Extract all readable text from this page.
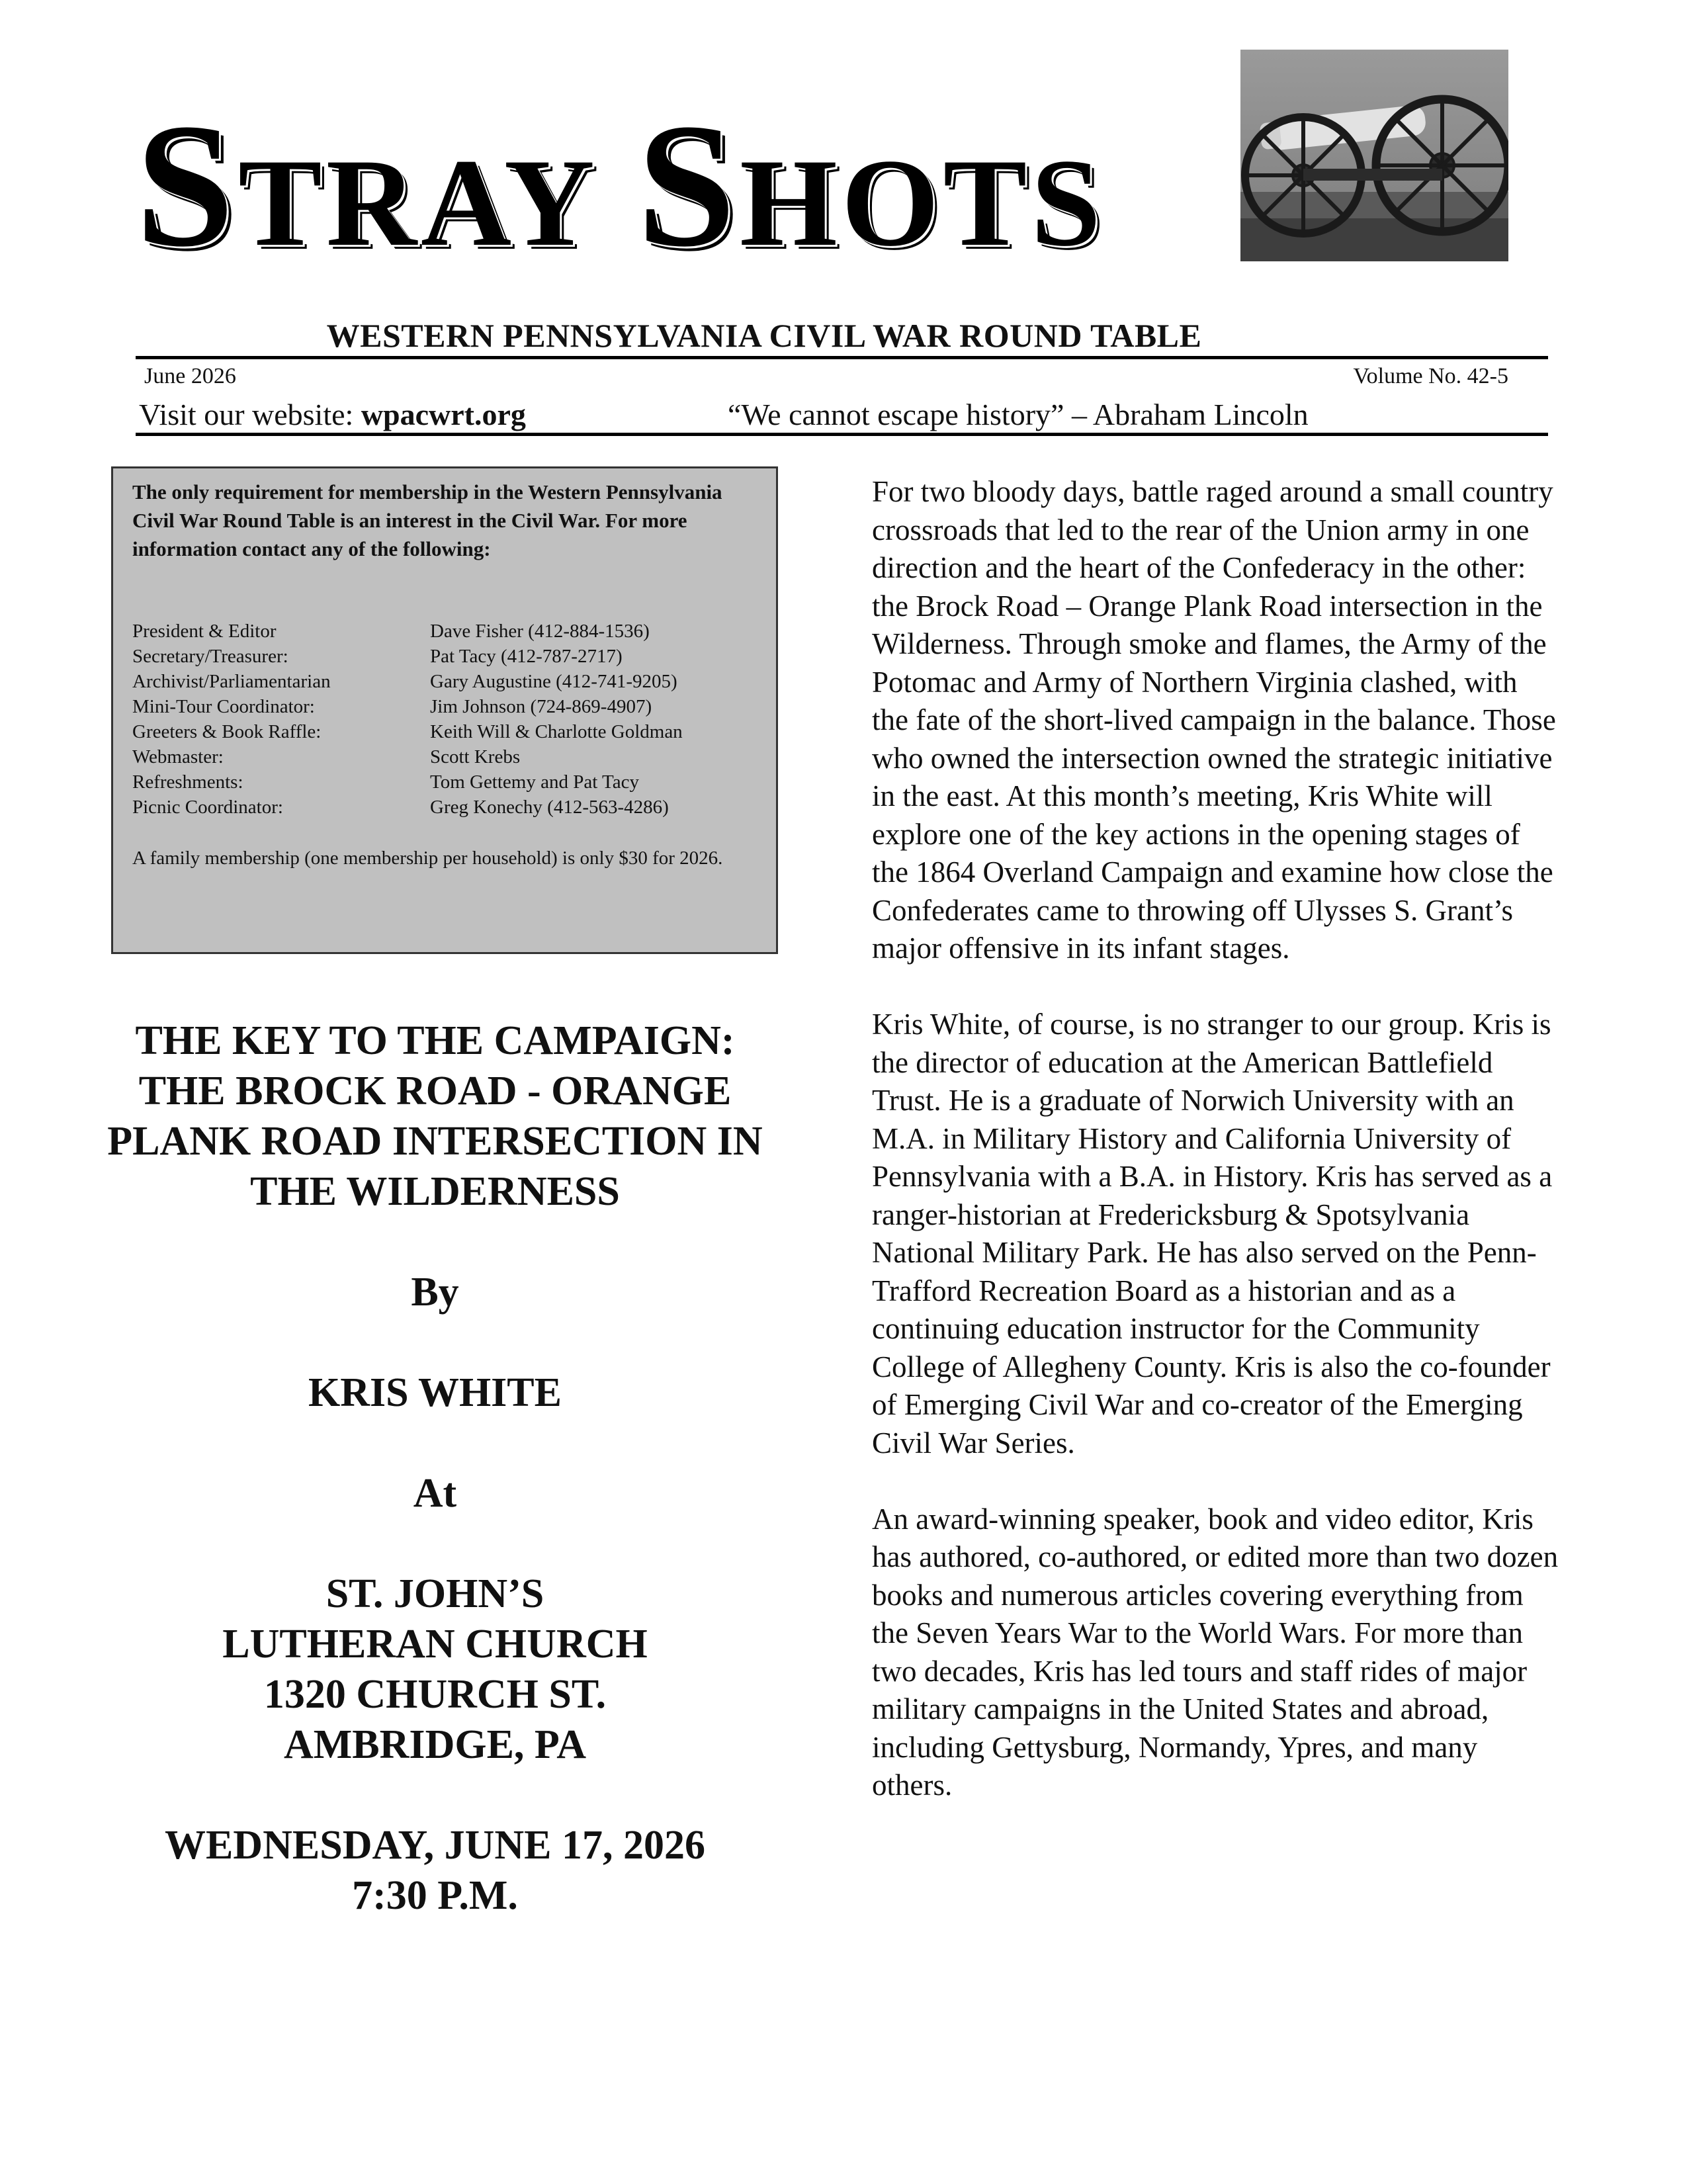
STRAY SHOTS
WESTERN PENNSYLVANIA CIVIL WAR ROUND TABLE
June 2026	Volume No. 42-5
Visit our website: wpacwrt.org	“We cannot escape history” – Abraham Lincoln
The only requirement for membership in the Western Pennsylvania Civil War Round Table is an interest in the Civil War. For more information contact any of the following:
President & Editor	Dave Fisher (412-884-1536)
Secretary/Treasurer:	Pat Tacy (412-787-2717)
Archivist/Parliamentarian	Gary Augustine (412-741-9205)
Mini-Tour Coordinator:	Jim Johnson (724-869-4907)
Greeters & Book Raffle:	Keith Will & Charlotte Goldman
Webmaster:	Scott Krebs
Refreshments:	Tom Gettemy and Pat Tacy
Picnic Coordinator:	Greg Konechy (412-563-4286)
A family membership (one membership per household) is only $30 for 2026.

THE KEY TO THE CAMPAIGN: THE BROCK ROAD - ORANGE PLANK ROAD INTERSECTION IN THE WILDERNESS

By

KRIS WHITE

At

ST. JOHN’S

LUTHERAN CHURCH

1320 CHURCH ST.

AMBRIDGE, PA

WEDNESDAY, JUNE 17, 2026

7:30 P.M.

For two bloody days, battle raged around a small country crossroads that led to the rear of the Union army in one direction and the heart of the Confederacy in the other: the Brock Road – Orange Plank Road intersection in the Wilderness. Through smoke and flames, the Army of the Potomac and Army of Northern Virginia clashed, with the fate of the short-lived campaign in the balance. Those who owned the intersection owned the strategic initiative in the east. At this month’s meeting, Kris White will explore one of the key actions in the opening stages of the 1864 Overland Campaign and examine how close the Confederates came to throwing off Ulysses S. Grant’s major offensive in its infant stages.

Kris White, of course, is no stranger to our group. Kris is the director of education at the American Battlefield Trust. He is a graduate of Norwich University with an M.A. in Military History and California University of Pennsylvania with a B.A. in History. Kris has served as a ranger-historian at Fredericksburg & Spotsylvania National Military Park. He has also served on the Penn-Trafford Recreation Board as a historian and as a continuing education instructor for the Community College of Allegheny County. Kris is also the co-founder of Emerging Civil War and co-creator of the Emerging Civil War Series.

An award-winning speaker, book and video editor, Kris has authored, co-authored, or edited more than two dozen books and numerous articles covering everything from the Seven Years War to the World Wars. For more than two decades, Kris has led tours and staff rides of major military campaigns in the United States and abroad, including Gettysburg, Normandy, Ypres, and many others.
